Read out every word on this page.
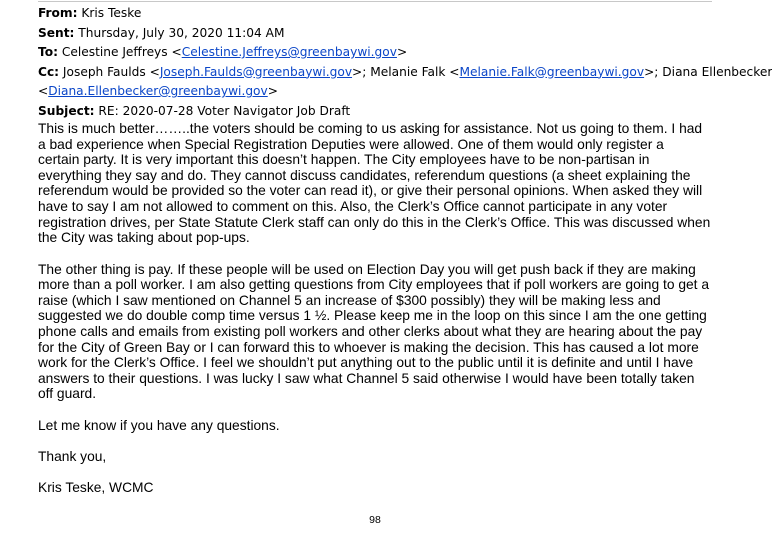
From: Kris Teske
Sent: Thursday, July 30, 2020 11:04 AM
To: Celestine Jeffreys <Celestine.Jeffreys@greenbaywi.gov>
Cc: Joseph Faulds <Joseph.Faulds@greenbaywi.gov>; Melanie Falk <Melanie.Falk@greenbaywi.gov>; Diana Ellenbecker
<Diana.Ellenbecker@greenbaywi.gov>
Subject: RE: 2020-07-28 Voter Navigator Job Draft

This is much better……..the voters should be coming to us asking for assistance. Not us going to them. I had
a bad experience when Special Registration Deputies were allowed. One of them would only register a
certain party. It is very important this doesn’t happen. The City employees have to be non-partisan in
everything they say and do. They cannot discuss candidates, referendum questions (a sheet explaining the
referendum would be provided so the voter can read it), or give their personal opinions. When asked they will
have to say I am not allowed to comment on this. Also, the Clerk’s Office cannot participate in any voter
registration drives, per State Statute Clerk staff can only do this in the Clerk’s Office. This was discussed when
the City was taking about pop-ups.

The other thing is pay. If these people will be used on Election Day you will get push back if they are making
more than a poll worker. I am also getting questions from City employees that if poll workers are going to get a
raise (which I saw mentioned on Channel 5 an increase of $300 possibly) they will be making less and
suggested we do double comp time versus 1 ½. Please keep me in the loop on this since I am the one getting
phone calls and emails from existing poll workers and other clerks about what they are hearing about the pay
for the City of Green Bay or I can forward this to whoever is making the decision. This has caused a lot more
work for the Clerk’s Office. I feel we shouldn’t put anything out to the public until it is definite and until I have
answers to their questions. I was lucky I saw what Channel 5 said otherwise I would have been totally taken
off guard.

Let me know if you have any questions.

Thank you,

Kris Teske, WCMC

98
